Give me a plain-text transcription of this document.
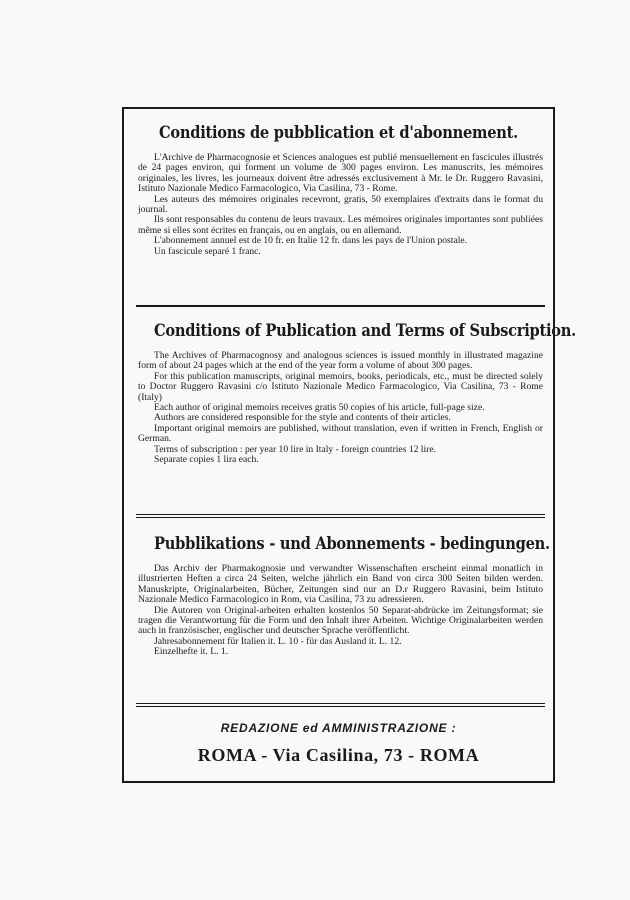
Conditions de pubblication et d'abonnement.

L'Archive de Pharmacognosie et Sciences analogues est publié mensuellement en fascicules illustrés de 24 pages environ, qui forment un volume de 300 pages environ. Les manuscrits, les mémoires originales, les livres, les journeaux doivent être adressés exclusivement à Mr. le Dr. Ruggero Ravasini, Istituto Nazionale Medico Farmacologico, Via Casilina, 73 - Rome.

Les auteurs des mémoires originales recevront, gratis, 50 exemplaires d'extraits dans le format du journal.

Ils sont responsables du contenu de leurs travaux. Les mémoires originales importantes sont publiées même si elles sont écrites en français, ou en anglais, ou en allemand.

L'abonnement annuel est de 10 fr. en Italie 12 fr. dans les pays de l'Union postale.

Un fascicule separé 1 franc.

Conditions of Publication and Terms of Subscription.

The Archives of Pharmacognosy and analogous sciences is issued monthly in illustrated magazine form of about 24 pages which at the end of the year form a volume of about 300 pages.

For this publication manuscripts, original memoirs, books, periodicals, etc., must be directed solely to Doctor Ruggero Ravasini c/o Istituto Nazionale Medico Farmacologico, Via Casilina, 73 - Rome (Italy)

Each author of original memoirs receives gratis 50 copies of his article, full-page size.

Authors are considered responsible for the style and contents of their articles.

Important original memoirs are published, without translation, even if written in French, English or German.

Terms of subscription : per year 10 lire in Italy - foreign countries 12 lire.

Separate copies 1 lira each.

Pubblikations - und Abonnements - bedingungen.

Das Archiv der Pharmakognosie und verwandter Wissenschaften erscheint einmal monatlich in illustrierten Heften a circa 24 Seiten, welche jährlich ein Band von circa 300 Seiten bilden werden. Manuskripte, Originalarbeiten, Bücher, Zeitungen sind nur an D.r Ruggero Ravasini, beim Istituto Nazionale Medico Farmacologico in Rom, via Casilina, 73 zu adressieren.

Die Autoren von Original-arbeiten erhalten kostenlos 50 Separat-abdrücke im Zeitungsformat; sie tragen die Verantwortung für die Form und den Inhalt ihrer Arbeiten. Wichtige Originalarbeiten werden auch in französischer, englischer und deutscher Sprache veröffentlicht.

Jahresabonnement für Italien it. L. 10 - für das Ausland it. L. 12.

Einzelhefte it. L. 1.

REDAZIONE ed AMMINISTRAZIONE :
ROMA - Via Casilina, 73 - ROMA
